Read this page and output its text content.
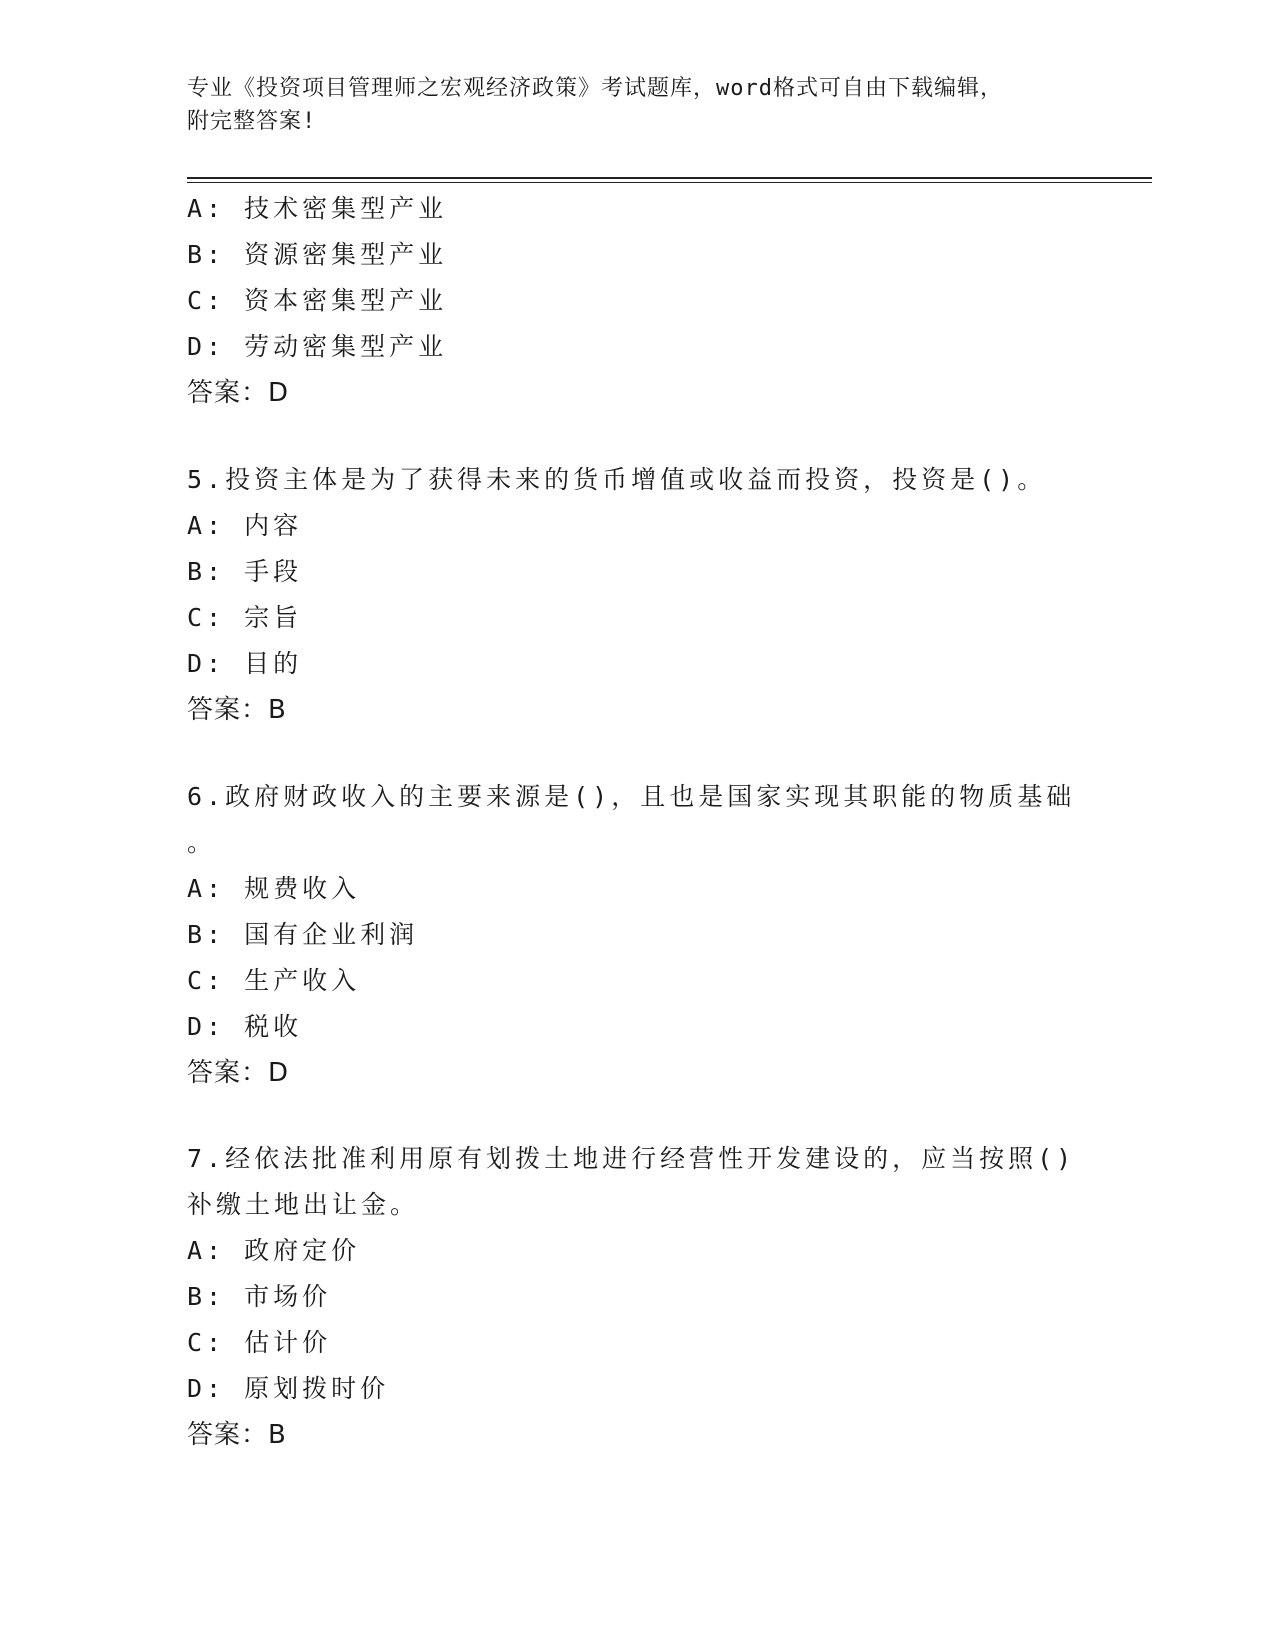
专业《投资项目管理师之宏观经济政策》考试题库，word格式可自由下载编辑，
附完整答案!
A: 技术密集型产业
B: 资源密集型产业
C: 资本密集型产业
D: 劳动密集型产业
答案：D
5.投资主体是为了获得未来的货币增值或收益而投资，投资是()。
A: 内容
B: 手段
C: 宗旨
D: 目的
答案：B
6.政府财政收入的主要来源是()，且也是国家实现其职能的物质基础
。
A: 规费收入
B: 国有企业利润
C: 生产收入
D: 税收
答案：D
7.经依法批准利用原有划拨土地进行经营性开发建设的，应当按照()
补缴土地出让金。
A: 政府定价
B: 市场价
C: 估计价
D: 原划拨时价
答案：B
